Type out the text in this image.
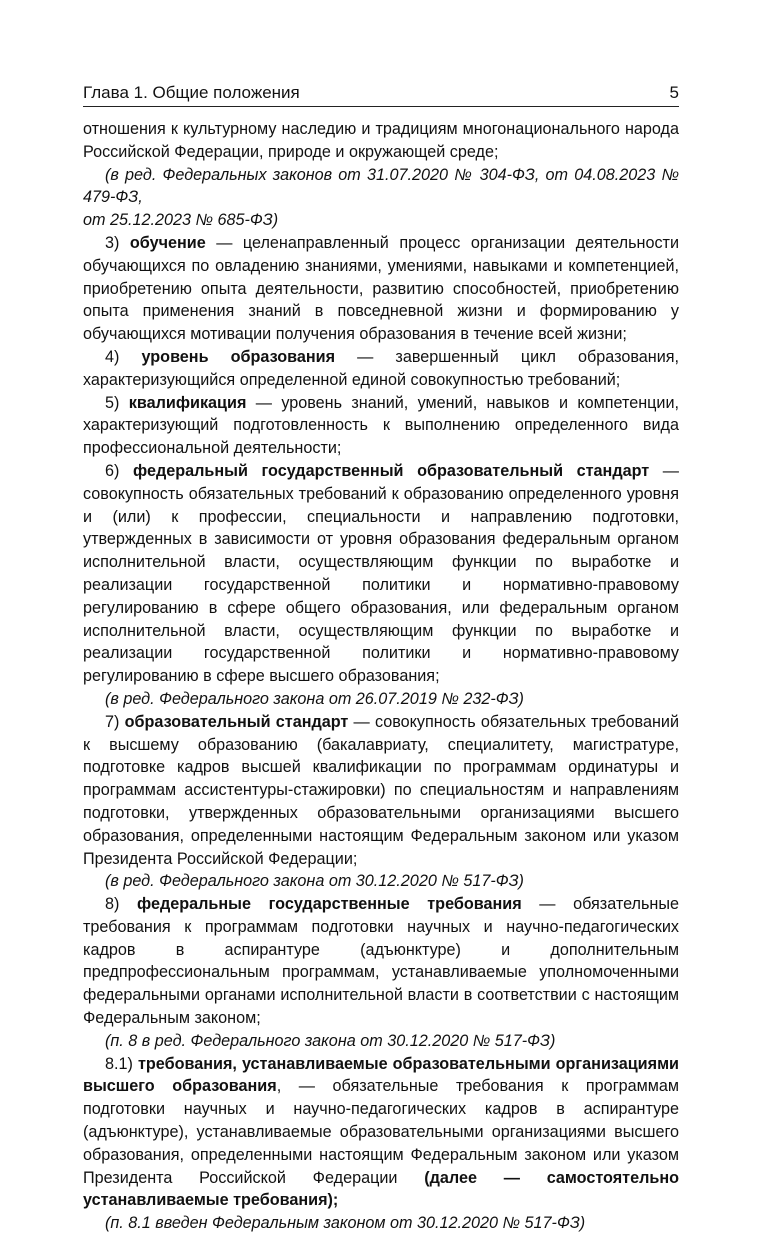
Глава 1. Общие положения	5

отношения к культурному наследию и традициям многонационального народа Российской Федерации, природе и окружающей среде;

(в ред. Федеральных законов от 31.07.2020 № 304-ФЗ, от 04.08.2023 № 479-ФЗ,

от 25.12.2023 № 685-ФЗ)

3) обучение — целенаправленный процесс организации деятельности обучающихся по овладению знаниями, умениями, навыками и компетенцией, приобретению опыта деятельности, развитию способностей, приобретению опыта применения знаний в повседневной жизни и формированию у обучающихся мотивации получения образования в течение всей жизни;

4) уровень образования — завершенный цикл образования, характеризующийся определенной единой совокупностью требований;

5) квалификация — уровень знаний, умений, навыков и компетенции, характеризующий подготовленность к выполнению определенного вида профессиональной деятельности;

6) федеральный государственный образовательный стандарт — совокупность обязательных требований к образованию определенного уровня и (или) к профессии, специальности и направлению подготовки, утвержденных в зависимости от уровня образования федеральным органом исполнительной власти, осуществляющим функции по выработке и реализации государственной политики и нормативно-правовому регулированию в сфере общего образования, или федеральным органом исполнительной власти, осуществляющим функции по выработке и реализации государственной политики и нормативно-правовому регулированию в сфере высшего образования;

(в ред. Федерального закона от 26.07.2019 № 232-ФЗ)

7) образовательный стандарт — совокупность обязательных требований к высшему образованию (бакалавриату, специалитету, магистратуре, подготовке кадров высшей квалификации по программам ординатуры и программам ассистентуры-стажировки) по специальностям и направлениям подготовки, утвержденных образовательными организациями высшего образования, определенными настоящим Федеральным законом или указом Президента Российской Федерации;

(в ред. Федерального закона от 30.12.2020 № 517-ФЗ)

8) федеральные государственные требования — обязательные требования к программам подготовки научных и научно-педагогических кадров в аспирантуре (адъюнктуре) и дополнительным предпрофессиональным программам, устанавливаемые уполномоченными федеральными органами исполнительной власти в соответствии с настоящим Федеральным законом;

(п. 8 в ред. Федерального закона от 30.12.2020 № 517-ФЗ)

8.1) требования, устанавливаемые образовательными организациями высшего образования, — обязательные требования к программам подготовки научных и научно-педагогических кадров в аспирантуре (адъюнктуре), устанавливаемые образовательными организациями высшего образования, определенными настоящим Федеральным законом или указом Президента Российской Федерации (далее — самостоятельно устанавливаемые требования);

(п. 8.1 введен Федеральным законом от 30.12.2020 № 517-ФЗ)
